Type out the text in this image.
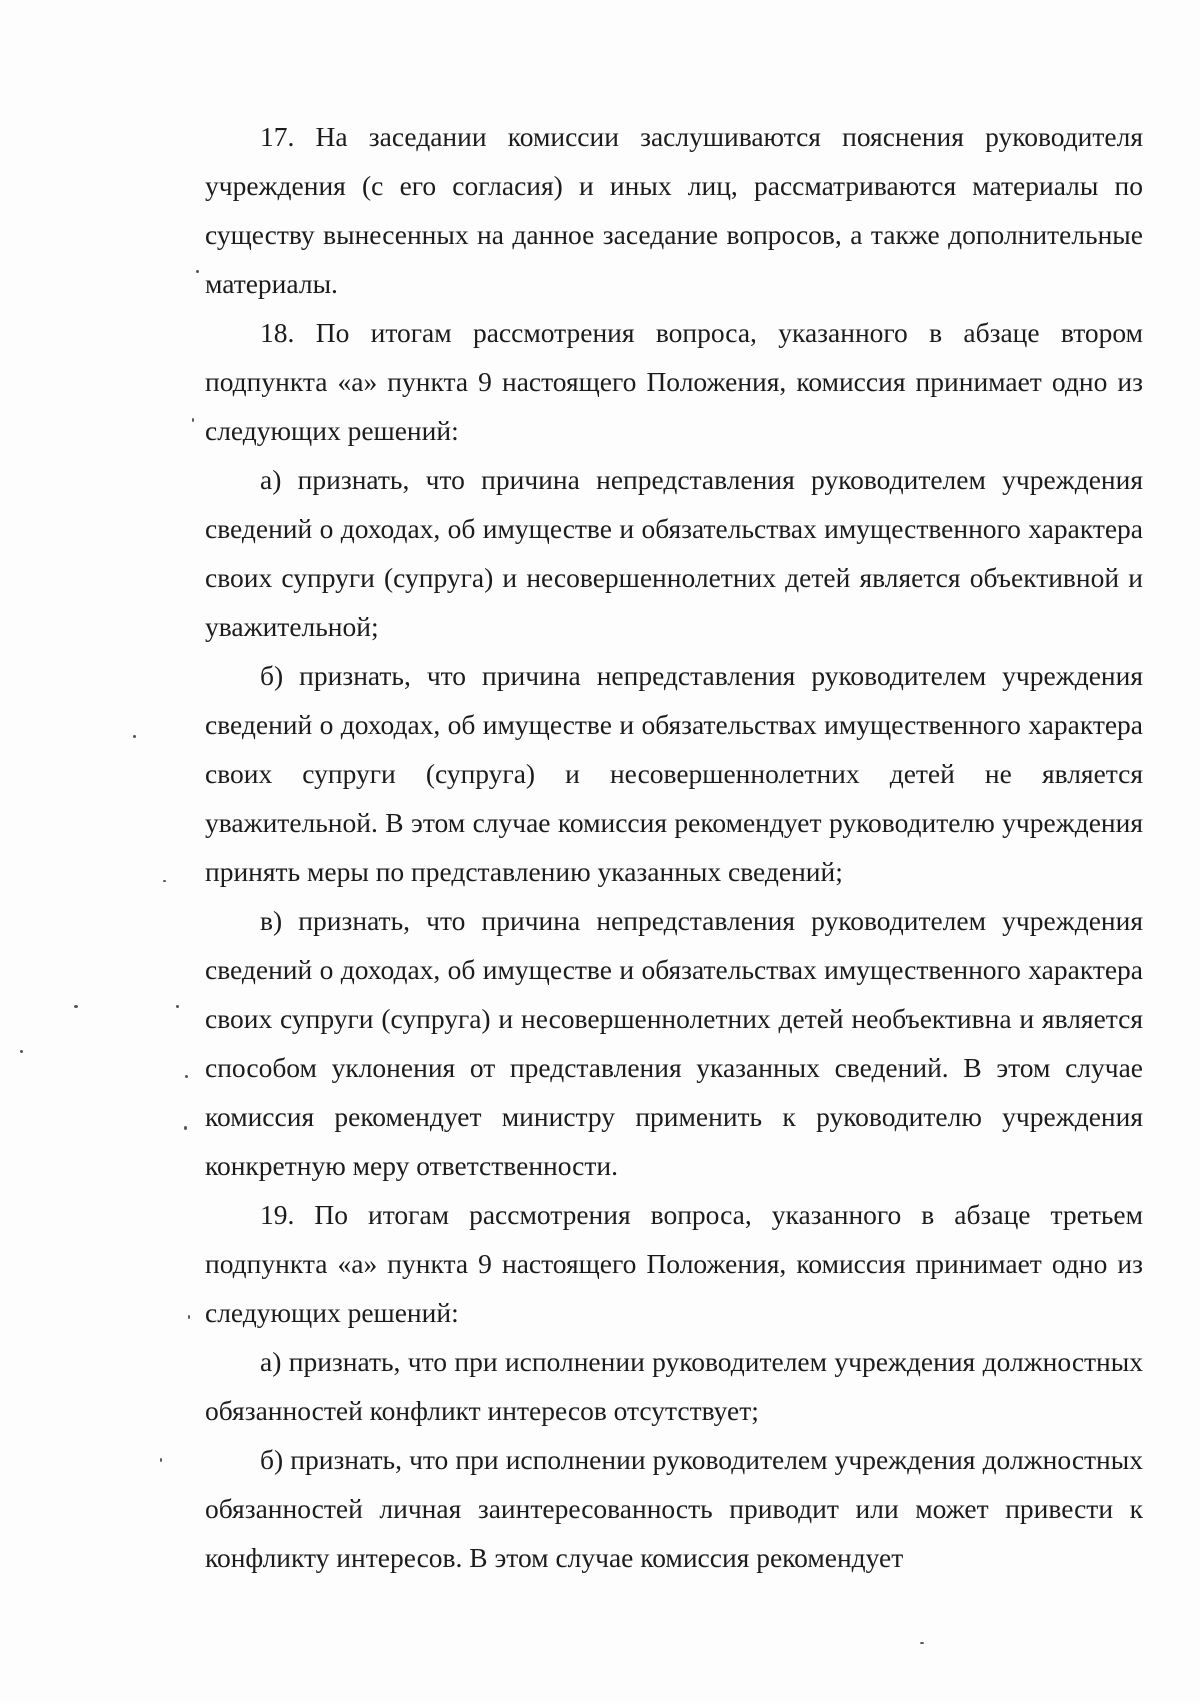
17. На заседании комиссии заслушиваются пояснения руководителя учреждения (с его согласия) и иных лиц, рассматриваются материалы по существу вынесенных на данное заседание вопросов, а также дополнительные материалы.

18. По итогам рассмотрения вопроса, указанного в абзаце втором подпункта «а» пункта 9 настоящего Положения, комиссия принимает одно из следующих решений:

а) признать, что причина непредставления руководителем учреждения сведений о доходах, об имуществе и обязательствах имущественного характера своих супруги (супруга) и несовершеннолетних детей является объективной и уважительной;

б) признать, что причина непредставления руководителем учреждения сведений о доходах, об имуществе и обязательствах имущественного характера своих супруги (супруга) и несовершеннолетних детей не является уважительной. В этом случае комиссия рекомендует руководителю учреждения принять меры по представлению указанных сведений;

в) признать, что причина непредставления руководителем учреждения сведений о доходах, об имуществе и обязательствах имущественного характера своих супруги (супруга) и несовершеннолетних детей необъективна и является способом уклонения от представления указанных сведений. В этом случае комиссия рекомендует министру применить к руководителю учреждения конкретную меру ответственности.

19. По итогам рассмотрения вопроса, указанного в абзаце третьем подпункта «а» пункта 9 настоящего Положения, комиссия принимает одно из следующих решений:

а) признать, что при исполнении руководителем учреждения должностных обязанностей конфликт интересов отсутствует;

б) признать, что при исполнении руководителем учреждения должностных обязанностей личная заинтересованность приводит или может привести к конфликту интересов. В этом случае комиссия рекомендует
